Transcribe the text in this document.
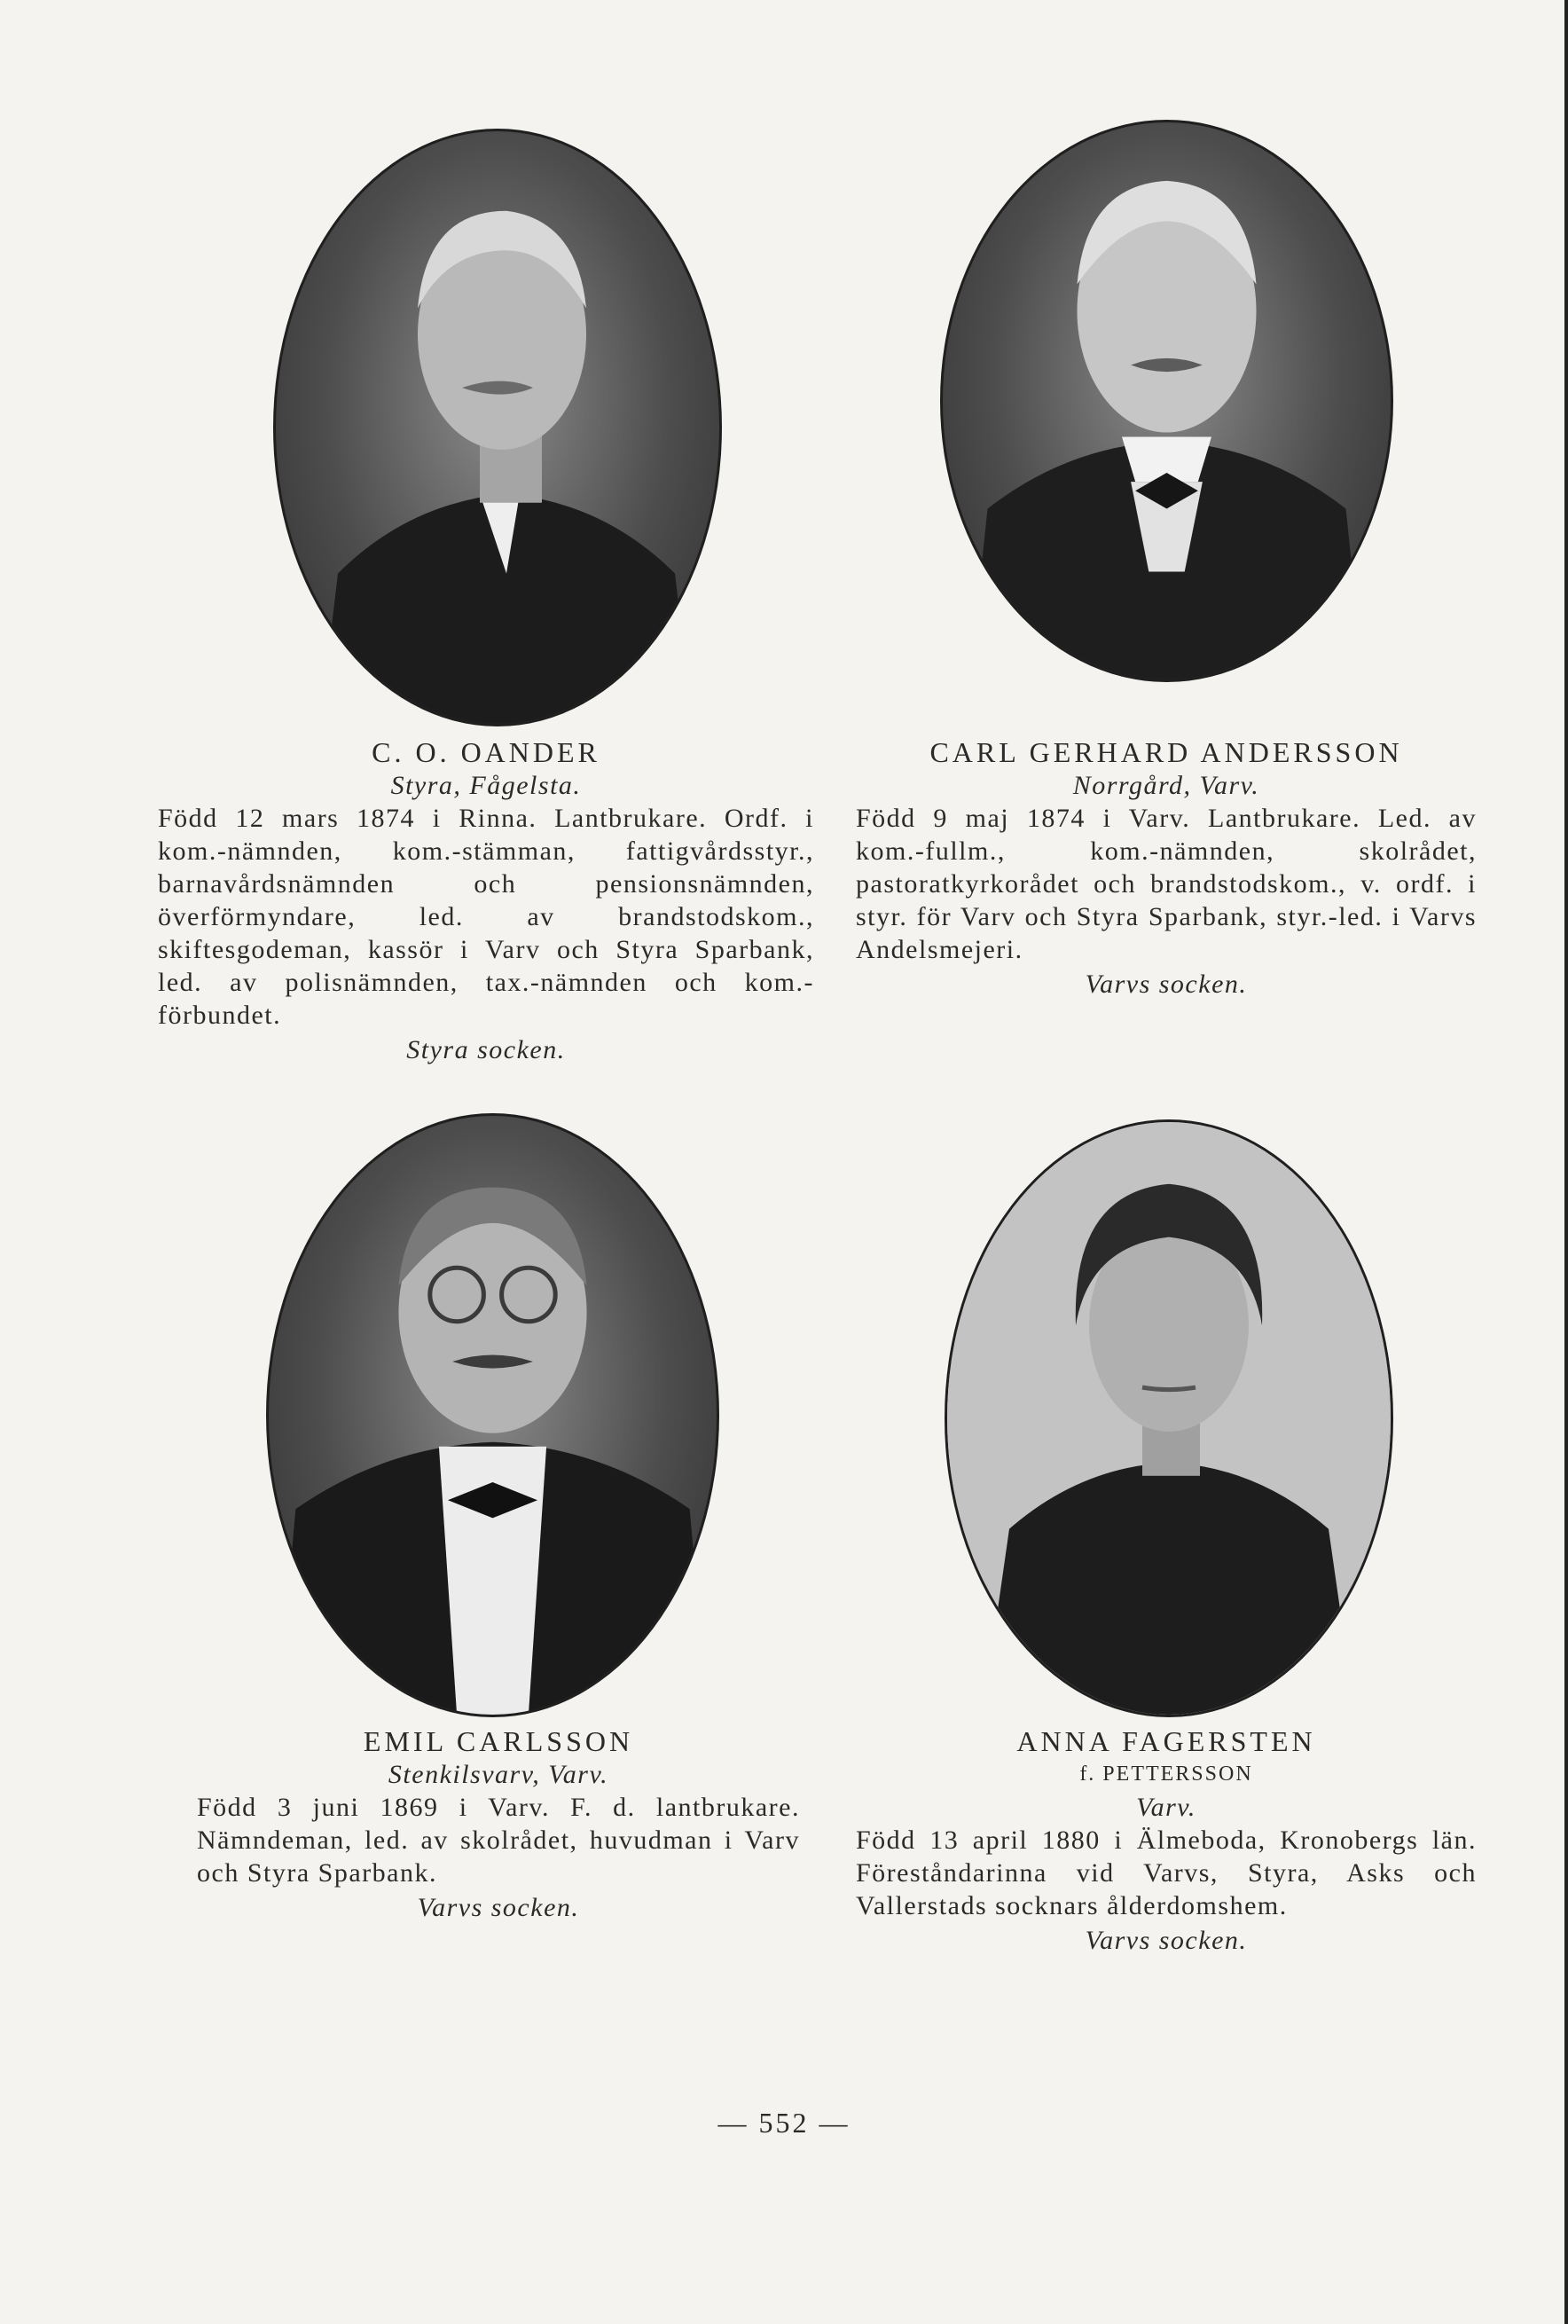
C. O. OANDER
Styra, Fågelsta.
Född 12 mars 1874 i Rinna. Lantbrukare. Ordf. i kom.-nämnden, kom.-stämman, fattigvårdsstyr., barnavårdsnämnden och pensionsnämnden, överförmyndare, led. av brandstodskom., skiftesgodeman, kassör i Varv och Styra Sparbank, led. av polisnämnden, tax.-nämnden och kom.-förbundet.
Styra socken.
CARL GERHARD ANDERSSON
Norrgård, Varv.
Född 9 maj 1874 i Varv. Lantbrukare. Led. av kom.-fullm., kom.-nämnden, skolrådet, pastoratkyrkorådet och brandstodskom., v. ordf. i styr. för Varv och Styra Sparbank, styr.-led. i Varvs Andelsmejeri.
Varvs socken.
EMIL CARLSSON
Stenkilsvarv, Varv.
Född 3 juni 1869 i Varv. F. d. lantbrukare. Nämndeman, led. av skolrådet, huvudman i Varv och Styra Sparbank.
Varvs socken.
ANNA FAGERSTEN
f. PETTERSSON
Varv.
Född 13 april 1880 i Älmeboda, Kronobergs län. Föreståndarinna vid Varvs, Styra, Asks och Vallerstads socknars ålderdomshem.
Varvs socken.
— 552 —
